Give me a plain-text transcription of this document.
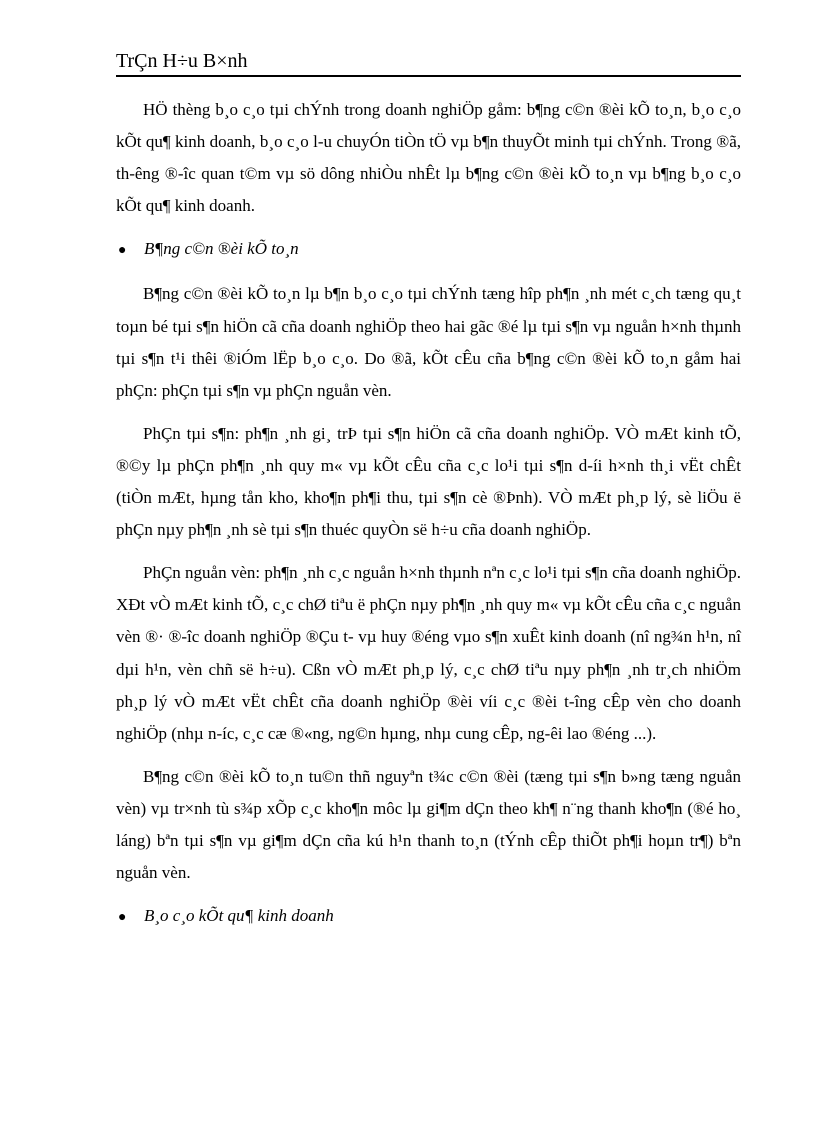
TrÇn H÷u B×nh

HÖ thèng b¸o c¸o tµi chÝnh trong doanh nghiÖp gåm: b¶ng c©n ®èi kÕ to¸n, b¸o c¸o kÕt qu¶ kinh doanh, b¸o c¸o l-u chuyÓn tiÒn tÖ vµ b¶n thuyÕt minh tµi chÝnh. Trong ®ã, th-êng ®-îc quan t©m vµ sö dông nhiÒu nhÊt lµ b¶ng c©n ®èi kÕ to¸n vµ b¶ng b¸o c¸o kÕt qu¶ kinh doanh.

●	B¶ng c©n ®èi kÕ to¸n

B¶ng c©n ®èi kÕ to¸n lµ b¶n b¸o c¸o tµi chÝnh tæng hîp ph¶n ¸nh mét c¸ch tæng qu¸t toµn bé tµi s¶n hiÖn cã cña doanh nghiÖp theo hai gãc ®é lµ tµi s¶n vµ nguån h×nh thµnh tµi s¶n t¹i thêi ®iÓm lËp b¸o c¸o. Do ®ã, kÕt cÊu cña b¶ng c©n ®èi kÕ to¸n gåm hai phÇn: phÇn tµi s¶n vµ phÇn nguån vèn.

PhÇn tµi s¶n: ph¶n ¸nh gi¸ trÞ tµi s¶n hiÖn cã cña doanh nghiÖp. VÒ mÆt kinh tÕ, ®©y lµ phÇn ph¶n ¸nh quy m« vµ kÕt cÊu cña c¸c lo¹i tµi s¶n d-íi h×nh th¸i vËt chÊt (tiÒn mÆt, hµng tån kho, kho¶n ph¶i thu, tµi s¶n cè ®Þnh). VÒ mÆt ph¸p lý, sè liÖu ë phÇn nµy ph¶n ¸nh sè tµi s¶n thuéc quyÒn së h÷u cña doanh nghiÖp.

PhÇn nguån vèn: ph¶n ¸nh c¸c nguån h×nh thµnh nªn c¸c lo¹i tµi s¶n cña doanh nghiÖp. XÐt vÒ mÆt kinh tÕ, c¸c chØ tiªu ë phÇn nµy ph¶n ¸nh quy m« vµ kÕt cÊu cña c¸c nguån vèn ®· ®-îc doanh nghiÖp ®Çu t- vµ huy ®éng vµo s¶n xuÊt kinh doanh (nî ng¾n h¹n, nî dµi h¹n, vèn chñ së h÷u). Cßn vÒ mÆt ph¸p lý, c¸c chØ tiªu nµy ph¶n ¸nh tr¸ch nhiÖm ph¸p lý vÒ mÆt vËt chÊt cña doanh nghiÖp ®èi víi c¸c ®èi t-îng cÊp vèn cho doanh nghiÖp (nhµ n-íc, c¸c cæ ®«ng, ng©n hµng, nhµ cung cÊp, ng-êi lao ®éng ...).

B¶ng c©n ®èi kÕ to¸n tu©n thñ nguyªn t¾c c©n ®èi (tæng tµi s¶n b»ng tæng nguån vèn) vµ tr×nh tù s¾p xÕp c¸c kho¶n môc lµ gi¶m dÇn theo kh¶ n¨ng thanh kho¶n (®é ho¸ láng) bªn tµi s¶n vµ gi¶m dÇn cña kú h¹n thanh to¸n (tÝnh cÊp thiÕt ph¶i hoµn tr¶) bªn nguån vèn.

●	B¸o c¸o kÕt qu¶ kinh doanh
